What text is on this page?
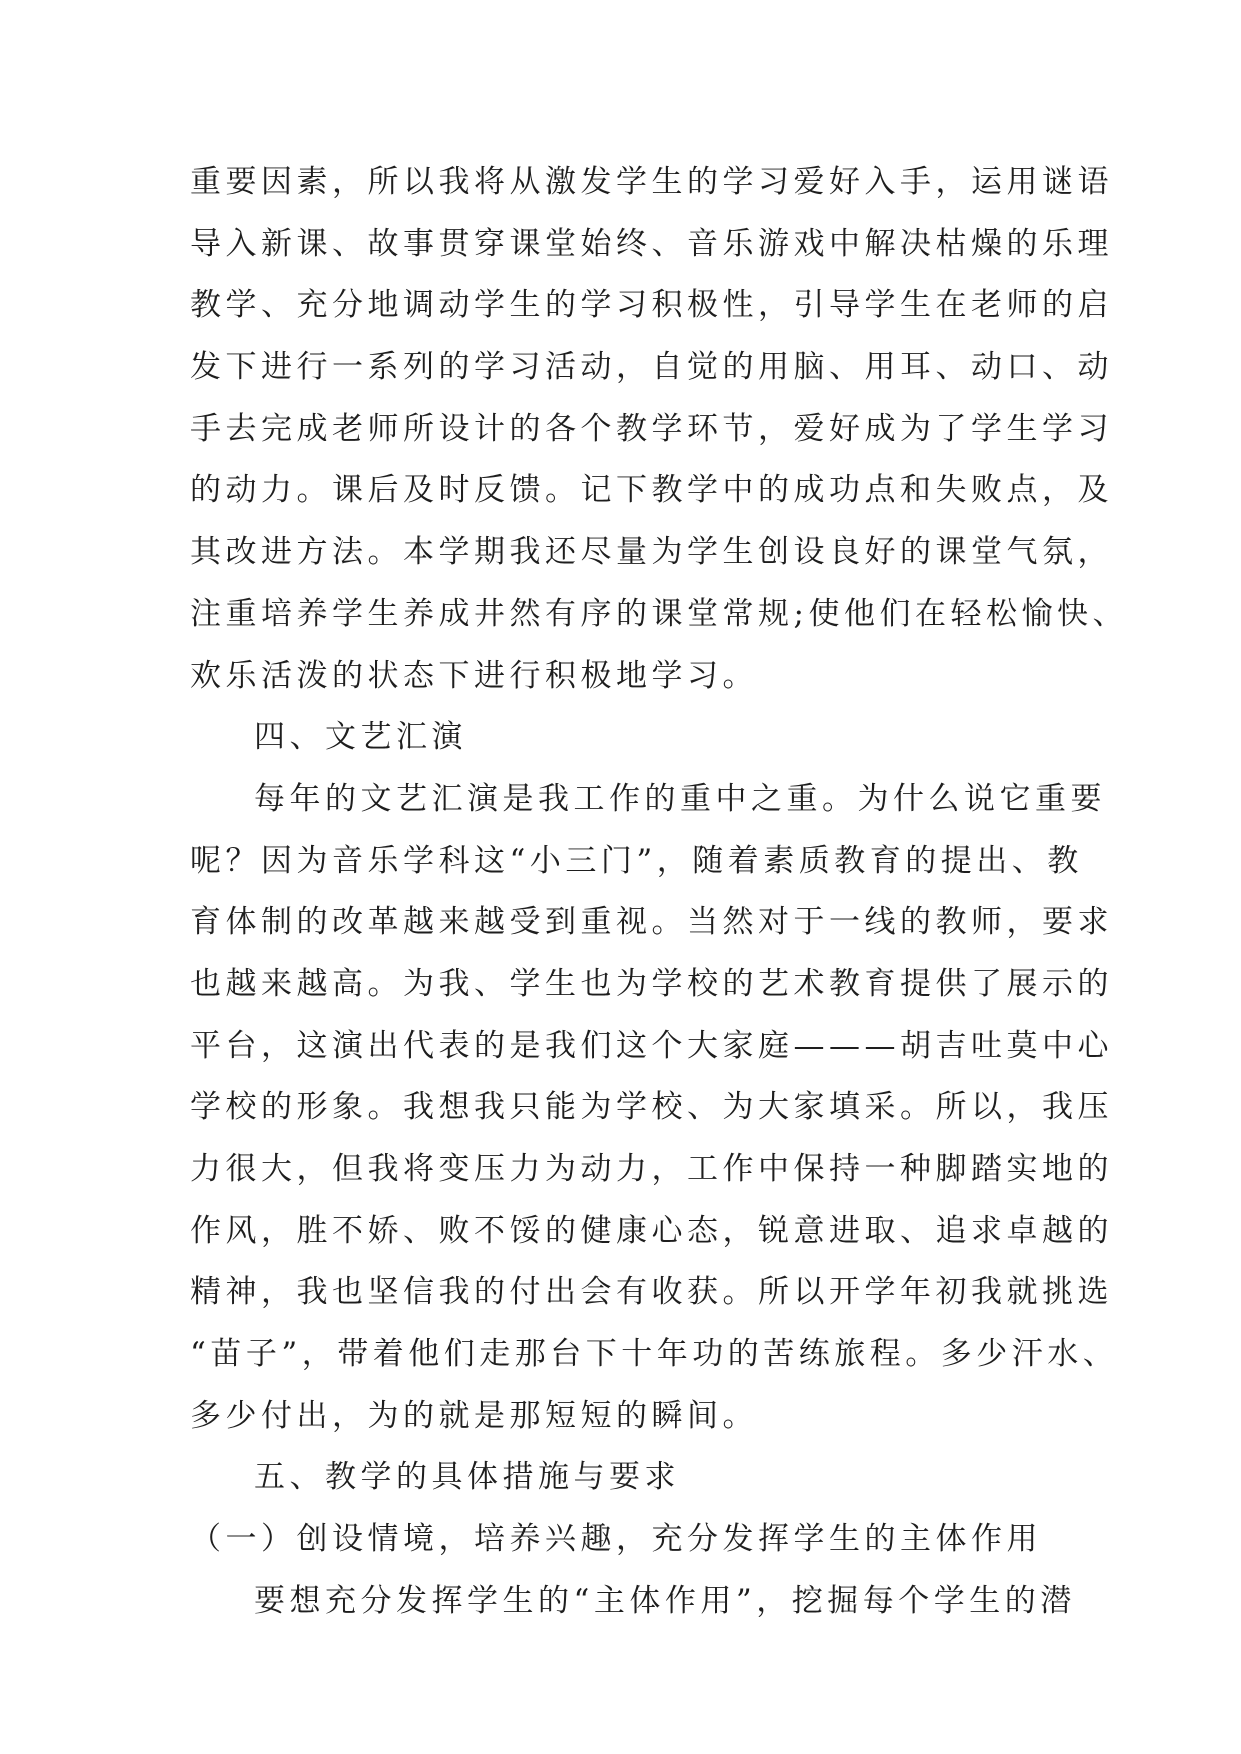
重要因素，所以我将从激发学生的学习爱好入手，运用谜语
导入新课、故事贯穿课堂始终、音乐游戏中解决枯燥的乐理
教学、充分地调动学生的学习积极性，引导学生在老师的启
发下进行一系列的学习活动，自觉的用脑、用耳、动口、动
手去完成老师所设计的各个教学环节，爱好成为了学生学习
的动力。课后及时反馈。记下教学中的成功点和失败点，及
其改进方法。本学期我还尽量为学生创设良好的课堂气氛，
注重培养学生养成井然有序的课堂常规;使他们在轻松愉快、
欢乐活泼的状态下进行积极地学习。
四、文艺汇演
每年的文艺汇演是我工作的重中之重。为什么说它重要
呢？因为音乐学科这“小三门”，随着素质教育的提出、教
育体制的改革越来越受到重视。当然对于一线的教师，要求
也越来越高。为我、学生也为学校的艺术教育提供了展示的
平台，这演出代表的是我们这个大家庭———胡吉吐莫中心
学校的形象。我想我只能为学校、为大家填采。所以，我压
力很大，但我将变压力为动力，工作中保持一种脚踏实地的
作风，胜不娇、败不馁的健康心态，锐意进取、追求卓越的
精神，我也坚信我的付出会有收获。所以开学年初我就挑选
“苗子”，带着他们走那台下十年功的苦练旅程。多少汗水、
多少付出，为的就是那短短的瞬间。
五、教学的具体措施与要求
（一）创设情境，培养兴趣，充分发挥学生的主体作用
要想充分发挥学生的“主体作用”，挖掘每个学生的潜
